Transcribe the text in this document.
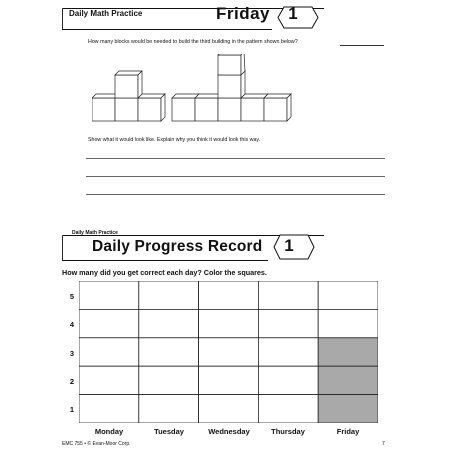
Daily Math Practice	Friday	1
How many blocks would be needed to build the third building in the pattern shown below?
Show what it would look like. Explain why you think it would look this way.
Daily Math Practice
Daily Progress Record	1
How many did you get correct each day? Color the squares.
5
4
3
2
1
Monday	Tuesday	Wednesday	Thursday	Friday
EMC 755 • © Evan-Moor Corp.	7
